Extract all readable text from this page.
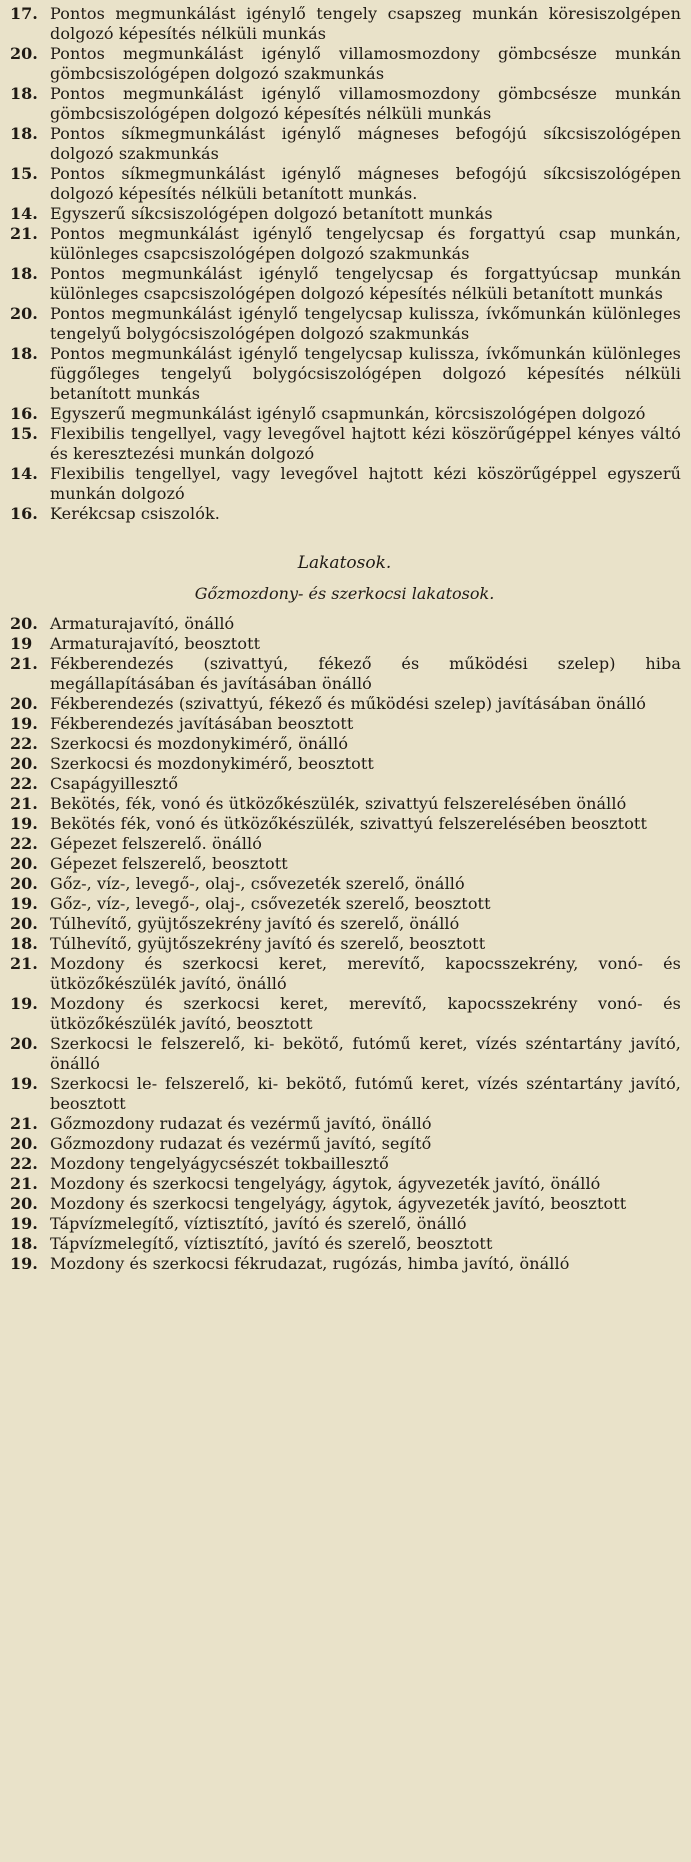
17. Pontos megmunkálást igénylő tengely csapszeg munkán köresiszolgépen dolgozó képesítés nélküli munkás
20. Pontos megmunkálást igénylő villamosmozdony gömbcsésze munkán gömbcsiszológépen dolgozó szakmunkás
18. Pontos megmunkálást igénylő villamosmozdony gömbcsésze munkán gömbcsiszológépen dolgozó képesítés nélküli munkás
18. Pontos síkmegmunkálást igénylő mágneses befogójú síkcsiszológépen dolgozó szakmunkás
15. Pontos síkmegmunkálást igénylő mágneses befogójú síkcsiszológépen dolgozó képesítés nélküli betanított munkás.
14. Egyszerű síkcsiszológépen dolgozó betanított munkás
21. Pontos megmunkálást igénylő tengelycsap és forgattyú csap munkán, különleges csapcsiszológépen dolgozó szakmunkás
18. Pontos megmunkálást igénylő tengelycsap és forgattyúcsap munkán különleges csapcsiszológépen dolgozó képesítés nélküli betanított munkás
20. Pontos megmunkálást igénylő tengelycsap kulissza, ívkőmunkán különleges tengelyű bolygócsiszológépen dolgozó szakmunkás
18. Pontos megmunkálást igénylő tengelycsap kulissza, ívkőmunkán különleges függőleges tengelyű bolygócsiszológépen dolgozó képesítés nélküli betanított munkás
16. Egyszerű megmunkálást igénylő csapmunkán, körcsiszológépen dolgozó
15. Flexibilis tengellyel, vagy levegővel hajtott kézi köszörűgéppel kényes váltó és keresztezési munkán dolgozó
14. Flexibilis tengellyel, vagy levegővel hajtott kézi köszörűgéppel egyszerű munkán dolgozó
16. Kerékcsap csiszolók.
Lakatosok.
Gőzmozdony- és szerkocsi lakatosok.
20. Armaturajavító, önálló
19	Armaturajavító, beosztott
21. Fékberendezés (szivattyú, fékező és működési szelep) hiba megállapításában és javításában önálló
20. Fékberendezés (szivattyú, fékező és működési szelep) javításában önálló
19. Fékberendezés javításában beosztott
22. Szerkocsi és mozdonykimérő, önálló
20. Szerkocsi és mozdonykimérő, beosztott
22. Csapágyillesztő
21. Bekötés, fék, vonó és ütközőkészülék, szivattyú felszerelésében önálló
19. Bekötés fék, vonó és ütközőkészülék, szivattyú felszerelésében beosztott
22. Gépezet felszerelő. önálló
20. Gépezet felszerelő, beosztott
20. Gőz-, víz-, levegő-, olaj-, csővezeték szerelő, önálló
19. Gőz-, víz-, levegő-, olaj-, csővezeték szerelő, beosztott
20. Túlhevítő, gyüjtőszekrény javító és szerelő, önálló
18. Túlhevítő, gyüjtőszekrény javító és szerelő, beosztott
21. Mozdony és szerkocsi keret, merevítő, kapocsszekrény, vonó- és ütközőkészülék javító, önálló
19. Mozdony és szerkocsi keret, merevítő, kapocsszekrény vonó- és ütközőkészülék javító, beosztott
20. Szerkocsi le felszerelő, ki- bekötő, futómű keret, vízés széntartány javító, önálló
19. Szerkocsi le- felszerelő, ki- bekötő, futómű keret, vízés széntartány javító, beosztott
21. Gőzmozdony rudazat és vezérmű javító, önálló
20. Gőzmozdony rudazat és vezérmű javító, segítő
22. Mozdony tengelyágycsészét tokbaillesztő
21. Mozdony és szerkocsi tengelyágy, ágytok, ágyvezeték javító, önálló
20. Mozdony és szerkocsi tengelyágy, ágytok, ágyvezeték javító, beosztott
19. Tápvízmelegítő, víztisztító, javító és szerelő, önálló
18. Tápvízmelegítő, víztisztító, javító és szerelő, beosztott
19. Mozdony és szerkocsi fékrudazat, rugózás, himba javító, önálló
